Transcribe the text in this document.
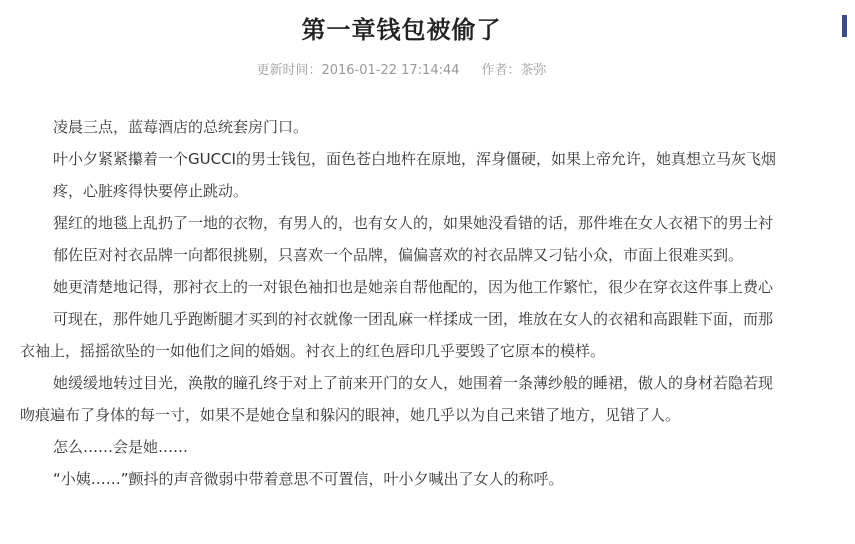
第一章钱包被偷了
更新时间：2016-01-22 17:14:44 作者：茶弥

凌晨三点，蓝莓酒店的总统套房门口。

叶小夕紧紧攥着一个GUCCI的男士钱包，面色苍白地杵在原地，浑身僵硬，如果上帝允许，她真想立马灰飞烟

疼，心脏疼得快要停止跳动。

猩红的地毯上乱扔了一地的衣物，有男人的，也有女人的，如果她没看错的话，那件堆在女人衣裙下的男士衬

郁佐臣对衬衣品牌一向都很挑剔，只喜欢一个品牌，偏偏喜欢的衬衣品牌又刁钻小众，市面上很难买到。

她更清楚地记得，那衬衣上的一对银色袖扣也是她亲自帮他配的，因为他工作繁忙，很少在穿衣这件事上费心

可现在，那件她几乎跑断腿才买到的衬衣就像一团乱麻一样揉成一团，堆放在女人的衣裙和高跟鞋下面，而那
衣袖上，摇摇欲坠的一如他们之间的婚姻。衬衣上的红色唇印几乎要毁了它原本的模样。
她缓缓地转过目光，涣散的瞳孔终于对上了前来开门的女人，她围着一条薄纱般的睡裙，傲人的身材若隐若现
吻痕遍布了身体的每一寸，如果不是她仓皇和躲闪的眼神，她几乎以为自己来错了地方，见错了人。

怎么……会是她……

“小姨……”颤抖的声音微弱中带着意思不可置信，叶小夕喊出了女人的称呼。
